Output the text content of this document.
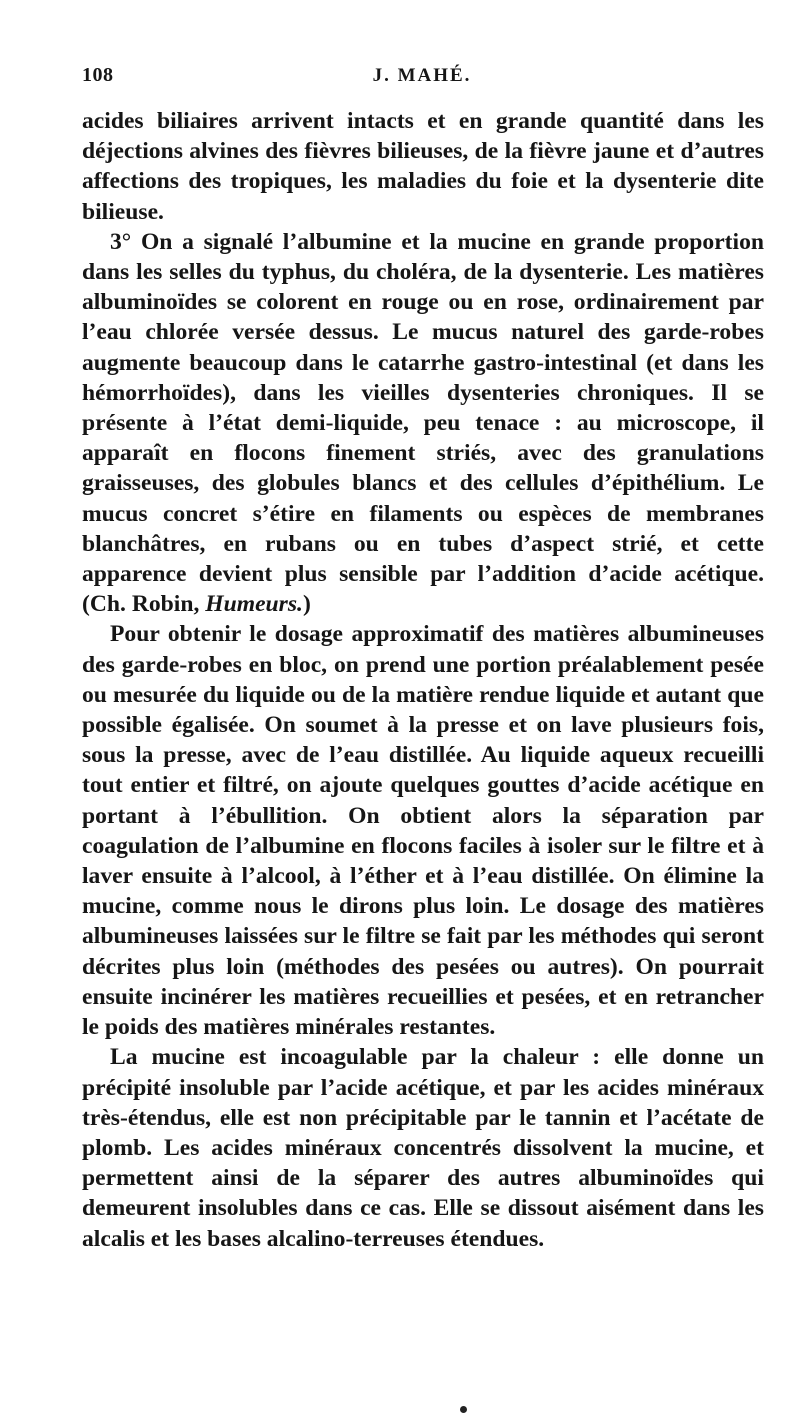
108	J. MAHÉ.

acides biliaires arrivent intacts et en grande quantité dans les déjections alvines des fièvres bilieuses, de la fièvre jaune et d’autres affections des tropiques, les maladies du foie et la dysenterie dite bilieuse.

3° On a signalé l’albumine et la mucine en grande proportion dans les selles du typhus, du choléra, de la dysenterie. Les matières albuminoïdes se colorent en rouge ou en rose, ordinairement par l’eau chlorée versée dessus. Le mucus naturel des garde-robes augmente beaucoup dans le catarrhe gastro-intestinal (et dans les hémorrhoïdes), dans les vieilles dysenteries chroniques. Il se présente à l’état demi-liquide, peu tenace : au microscope, il apparaît en flocons finement striés, avec des granulations graisseuses, des globules blancs et des cellules d’épithélium. Le mucus concret s’étire en filaments ou espèces de membranes blanchâtres, en rubans ou en tubes d’aspect strié, et cette apparence devient plus sensible par l’addition d’acide acétique. (Ch. Robin, Humeurs.)

Pour obtenir le dosage approximatif des matières albumineuses des garde-robes en bloc, on prend une portion préalablement pesée ou mesurée du liquide ou de la matière rendue liquide et autant que possible égalisée. On soumet à la presse et on lave plusieurs fois, sous la presse, avec de l’eau distillée. Au liquide aqueux recueilli tout entier et filtré, on ajoute quelques gouttes d’acide acétique en portant à l’ébullition. On obtient alors la séparation par coagulation de l’albumine en flocons faciles à isoler sur le filtre et à laver ensuite à l’alcool, à l’éther et à l’eau distillée. On élimine la mucine, comme nous le dirons plus loin. Le dosage des matières albumineuses laissées sur le filtre se fait par les méthodes qui seront décrites plus loin (méthodes des pesées ou autres). On pourrait ensuite incinérer les matières recueillies et pesées, et en retrancher le poids des matières minérales restantes.

La mucine est incoagulable par la chaleur : elle donne un précipité insoluble par l’acide acétique, et par les acides minéraux très-étendus, elle est non précipitable par le tannin et l’acétate de plomb. Les acides minéraux concentrés dissolvent la mucine, et permettent ainsi de la séparer des autres albuminoïdes qui demeurent insolubles dans ce cas. Elle se dissout aisément dans les alcalis et les bases alcalino-terreuses étendues.
